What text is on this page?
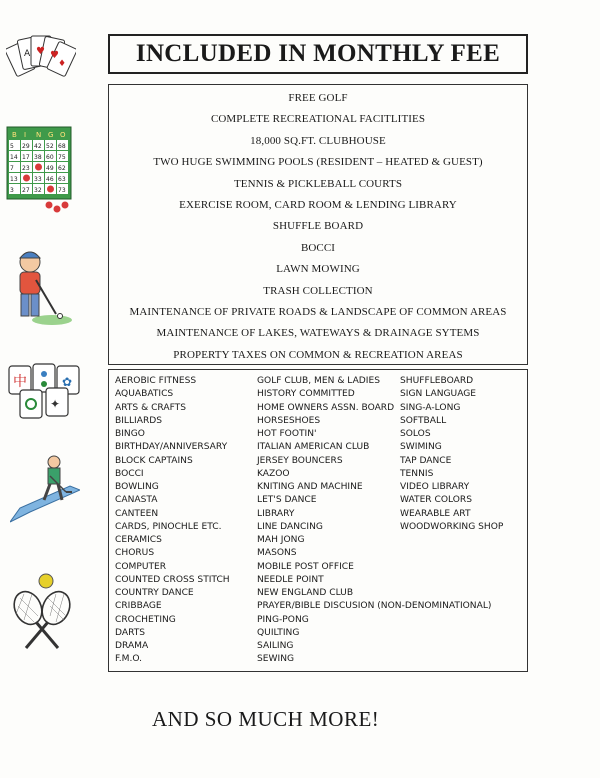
♥ ♥
A
♦
B I N G O
5 29 42 52 68
14 17 38 60 75
7 23	49 62
13	33 46 63
3 27 32	73
中	✿
✦
INCLUDED IN MONTHLY FEE
FREE GOLF
COMPLETE RECREATIONAL FACITLITIES
18,000 SQ.FT. CLUBHOUSE
TWO HUGE SWIMMING POOLS (RESIDENT – HEATED & GUEST)
TENNIS & PICKLEBALL COURTS
EXERCISE ROOM, CARD ROOM & LENDING LIBRARY
SHUFFLE BOARD
BOCCI
LAWN MOWING
TRASH COLLECTION
MAINTENANCE OF PRIVATE ROADS & LANDSCAPE OF COMMON AREAS
MAINTENANCE OF LAKES, WATEWAYS & DRAINAGE SYTEMS
PROPERTY TAXES ON COMMON & RECREATION AREAS
AEROBIC FITNESS
AQUABATICS
ARTS & CRAFTS
BILLIARDS
BINGO
BIRTHDAY/ANNIVERSARY
BLOCK CAPTAINS
BOCCI
BOWLING
CANASTA
CANTEEN
CARDS, PINOCHLE ETC.
CERAMICS
CHORUS
COMPUTER
COUNTED CROSS STITCH
COUNTRY DANCE
CRIBBAGE
CROCHETING
DARTS
DRAMA
F.M.O.
GOLF CLUB, MEN & LADIES
HISTORY COMMITTED
HOME OWNERS ASSN. BOARD
HORSESHOES
HOT FOOTIN'
ITALIAN AMERICAN CLUB
JERSEY BOUNCERS
KAZOO
KNITING AND MACHINE
LET'S DANCE
LIBRARY
LINE DANCING
MAH JONG
MASONS
MOBILE POST OFFICE
NEEDLE POINT
NEW ENGLAND CLUB
PRAYER/BIBLE DISCUSION (NON-DENOMINATIONAL)
PING-PONG
QUILTING
SAILING
SEWING
SHUFFLEBOARD
SIGN LANGUAGE
SING-A-LONG
SOFTBALL
SOLOS
SWIMING
TAP DANCE
TENNIS
VIDEO LIBRARY
WATER COLORS
WEARABLE ART
WOODWORKING SHOP
AND SO MUCH MORE!
